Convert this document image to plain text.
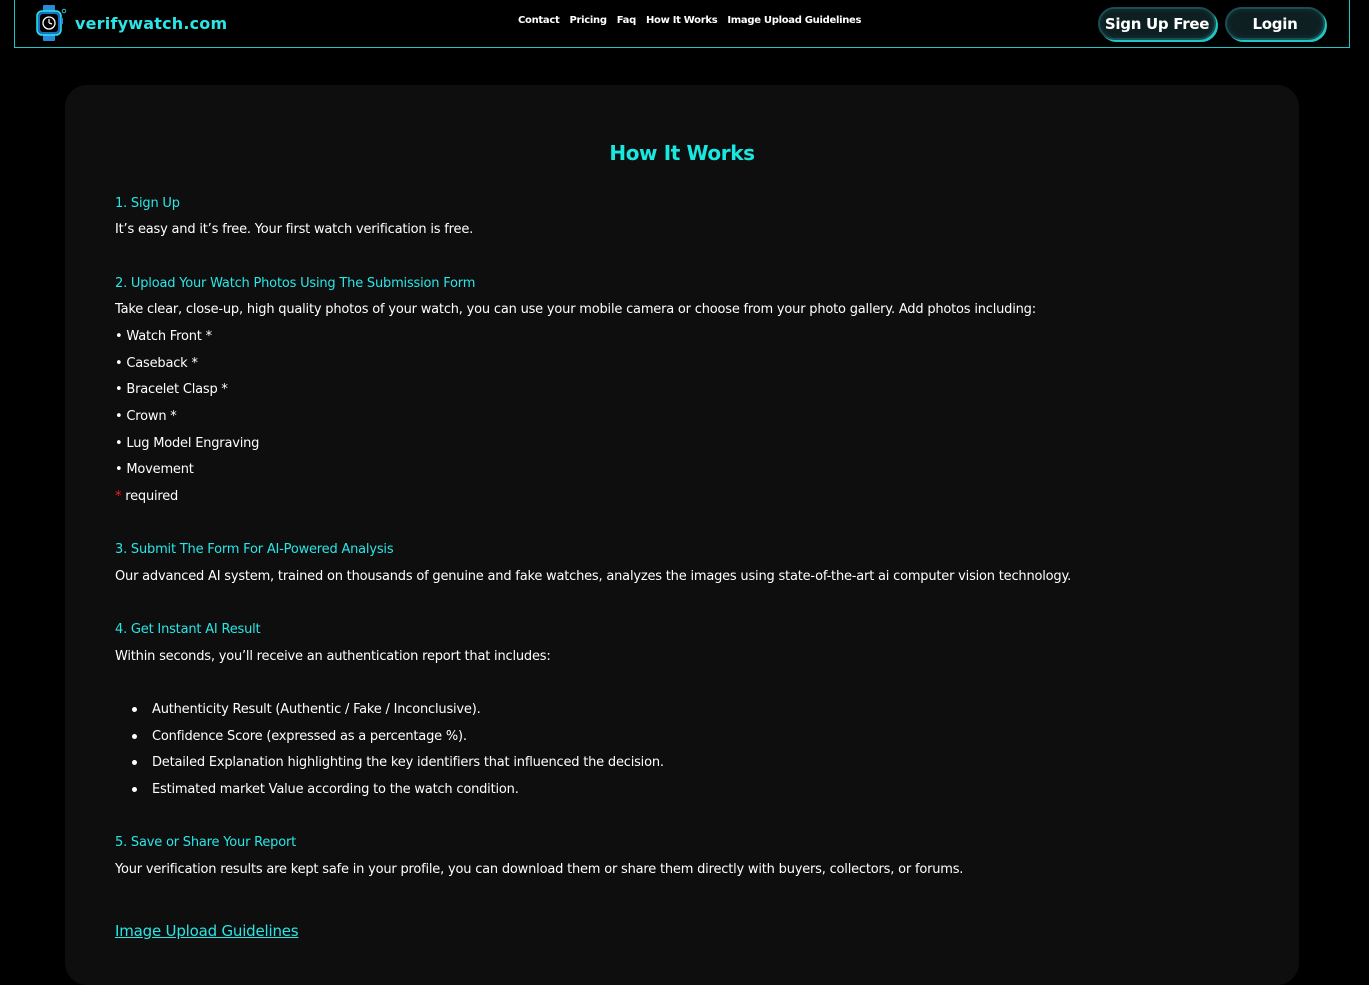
verifywatch.com	Contact Pricing Faq How It Works Image Upload Guidelines	Sign Up Free	Login
How It Works
1. Sign Up
It’s easy and it’s free. Your first watch verification is free.
2. Upload Your Watch Photos Using The Submission Form
Take clear, close-up, high quality photos of your watch, you can use your mobile camera or choose from your photo gallery. Add photos including:
• Watch Front *
• Caseback *
• Bracelet Clasp *
• Crown *
• Lug Model Engraving
• Movement
* required
3. Submit The Form For AI-Powered Analysis
Our advanced AI system, trained on thousands of genuine and fake watches, analyzes the images using state-of-the-art ai computer vision technology.
4. Get Instant AI Result
Within seconds, you’ll receive an authentication report that includes:
Authenticity Result (Authentic / Fake / Inconclusive).
Confidence Score (expressed as a percentage %).
Detailed Explanation highlighting the key identifiers that influenced the decision.
Estimated market Value according to the watch condition.
5. Save or Share Your Report
Your verification results are kept safe in your profile, you can download them or share them directly with buyers, collectors, or forums.
Image Upload Guidelines
